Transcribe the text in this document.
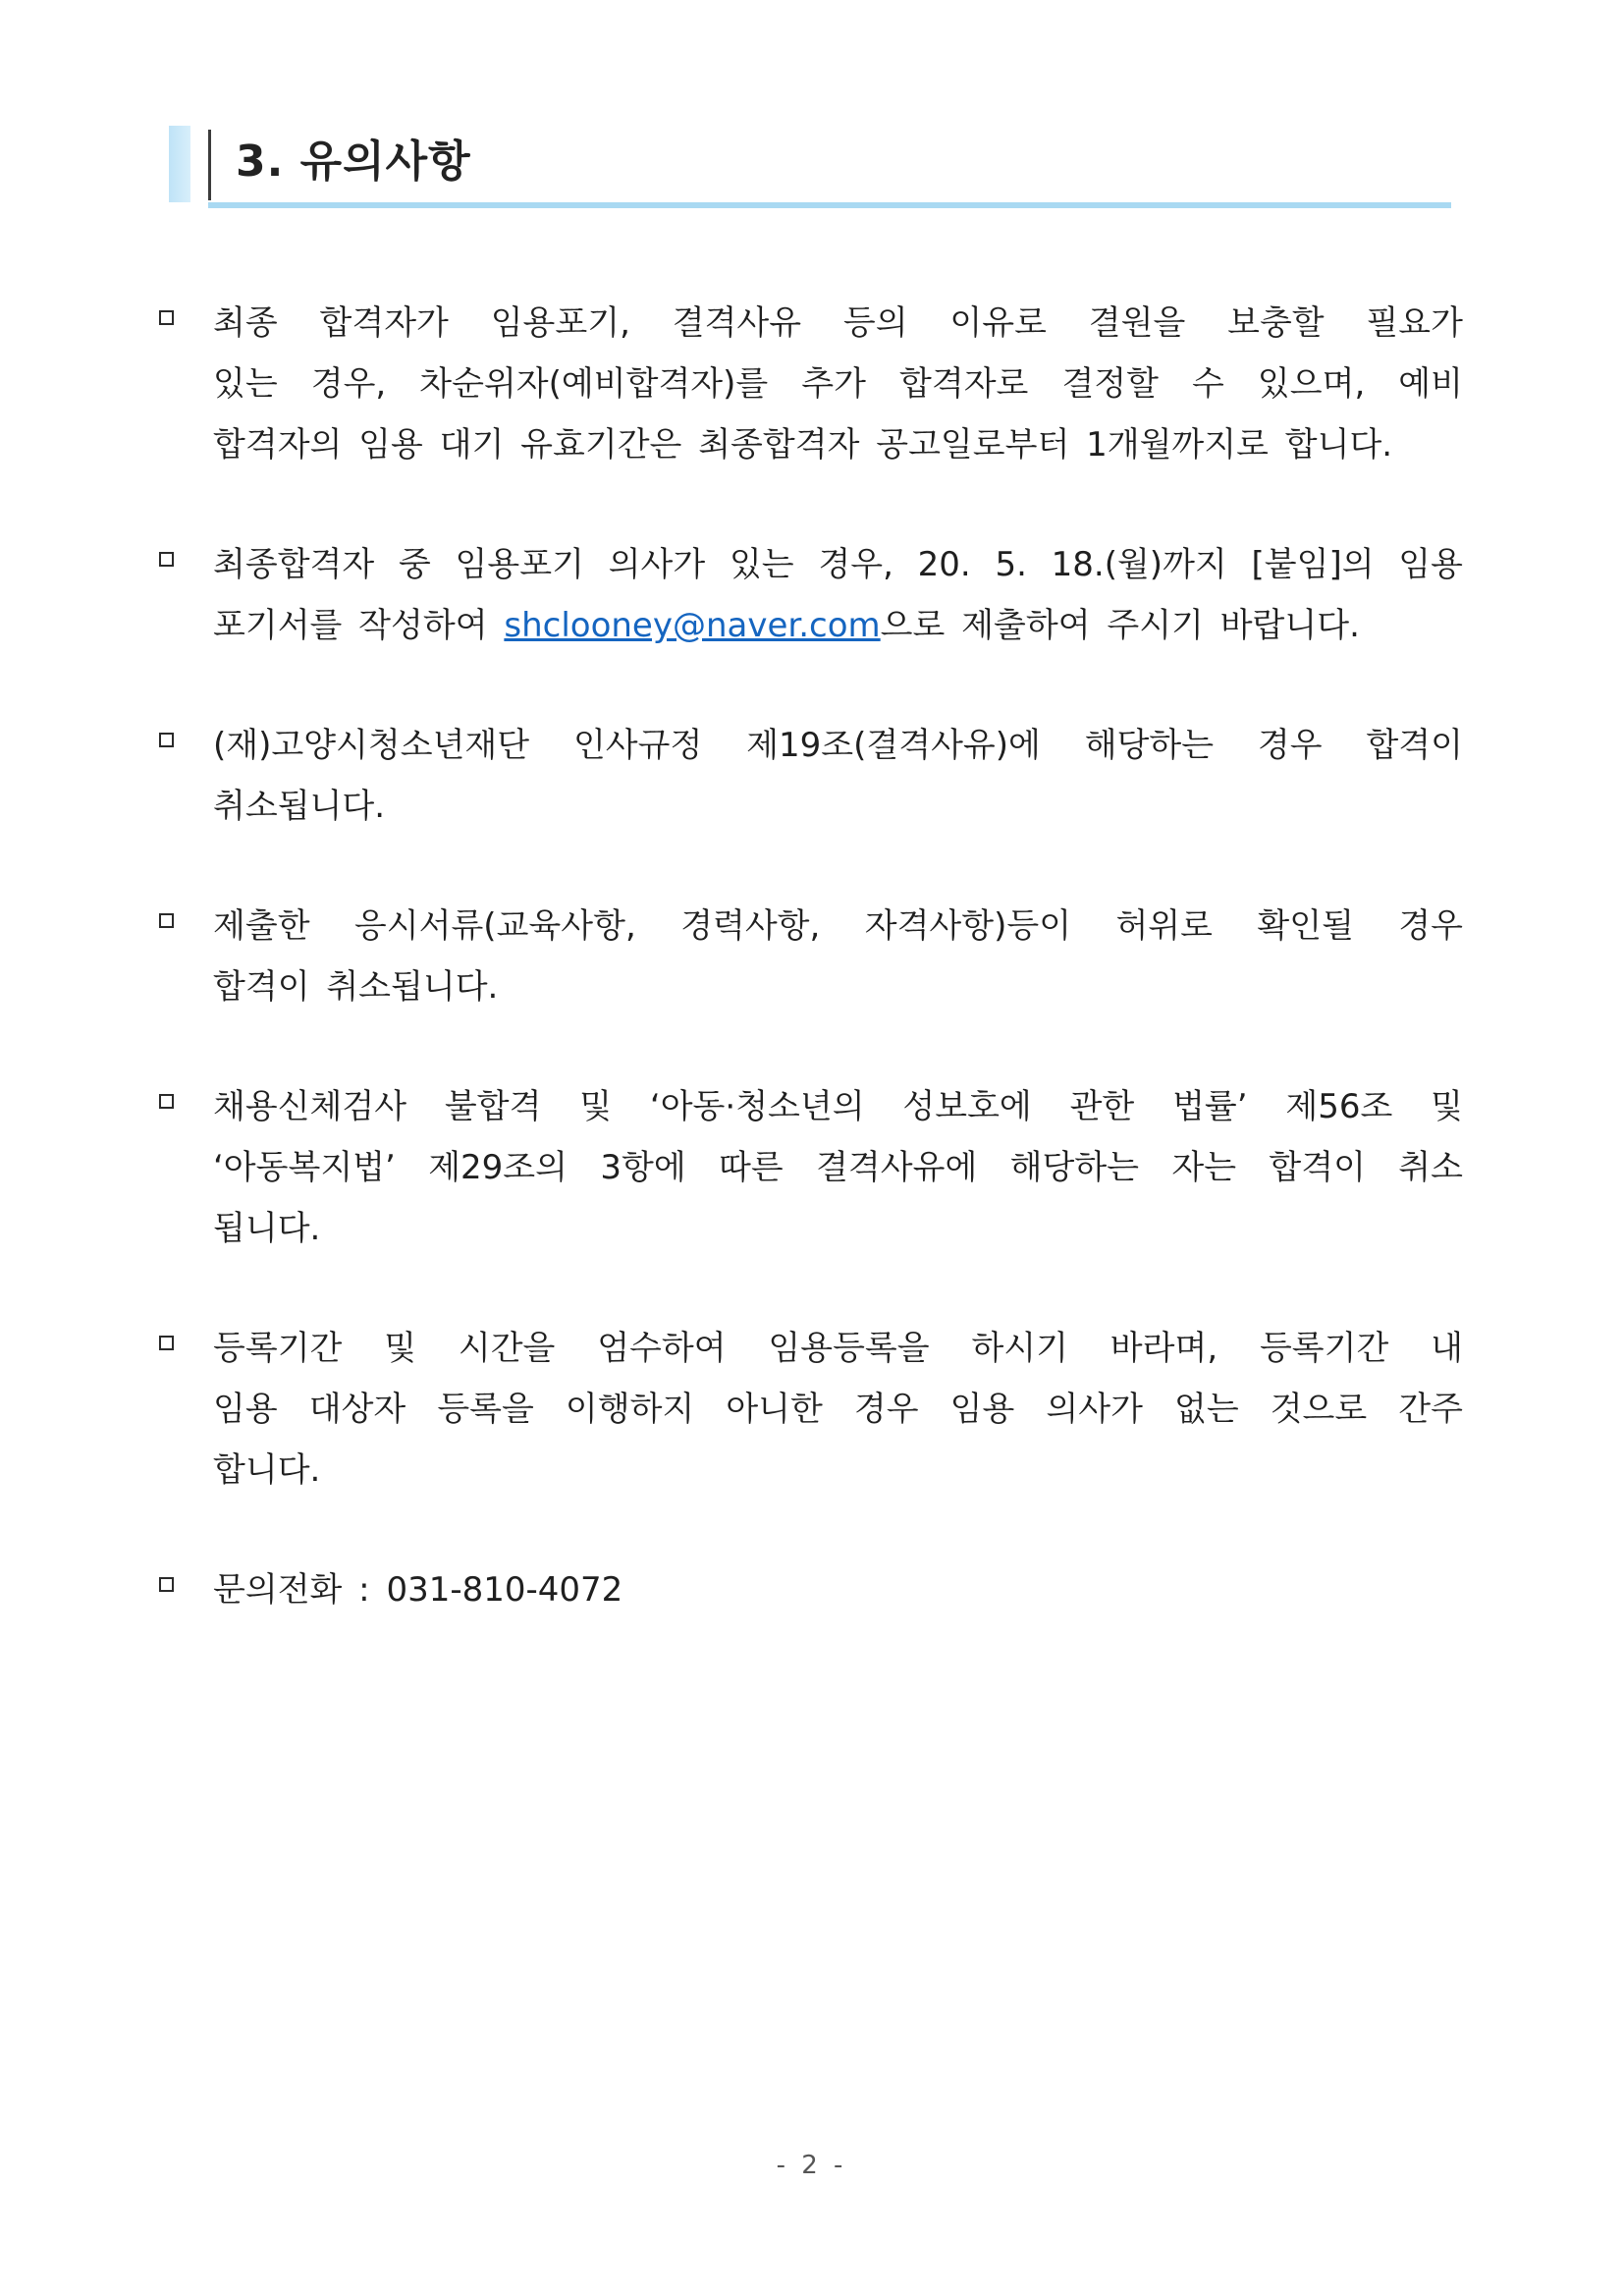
3. 유의사항
최종 합격자가 임용포기, 결격사유 등의 이유로 결원을 보충할 필요가
있는 경우, 차순위자(예비합격자)를 추가 합격자로 결정할 수 있으며, 예비

합격자의 임용 대기 유효기간은 최종합격자 공고일로부터 1개월까지로 합니다.
최종합격자 중 임용포기 의사가 있는 경우, 20. 5. 18.(월)까지 [붙임]의 임용

포기서를 작성하여 shclooney@naver.com으로 제출하여 주시기 바랍니다.
(재)고양시청소년재단 인사규정 제19조(결격사유)에 해당하는 경우 합격이

취소됩니다.
제출한 응시서류(교육사항, 경력사항, 자격사항)등이 허위로 확인될 경우

합격이 취소됩니다.
채용신체검사 불합격 및 ‘아동·청소년의 성보호에 관한 법률’ 제56조 및
‘아동복지법’ 제29조의 3항에 따른 결격사유에 해당하는 자는 합격이 취소

됩니다.
등록기간 및 시간을 엄수하여 임용등록을 하시기 바라며, 등록기간 내
임용 대상자 등록을 이행하지 아니한 경우 임용 의사가 없는 것으로 간주

합니다.
문의전화 : 031-810-4072
- 2 -
